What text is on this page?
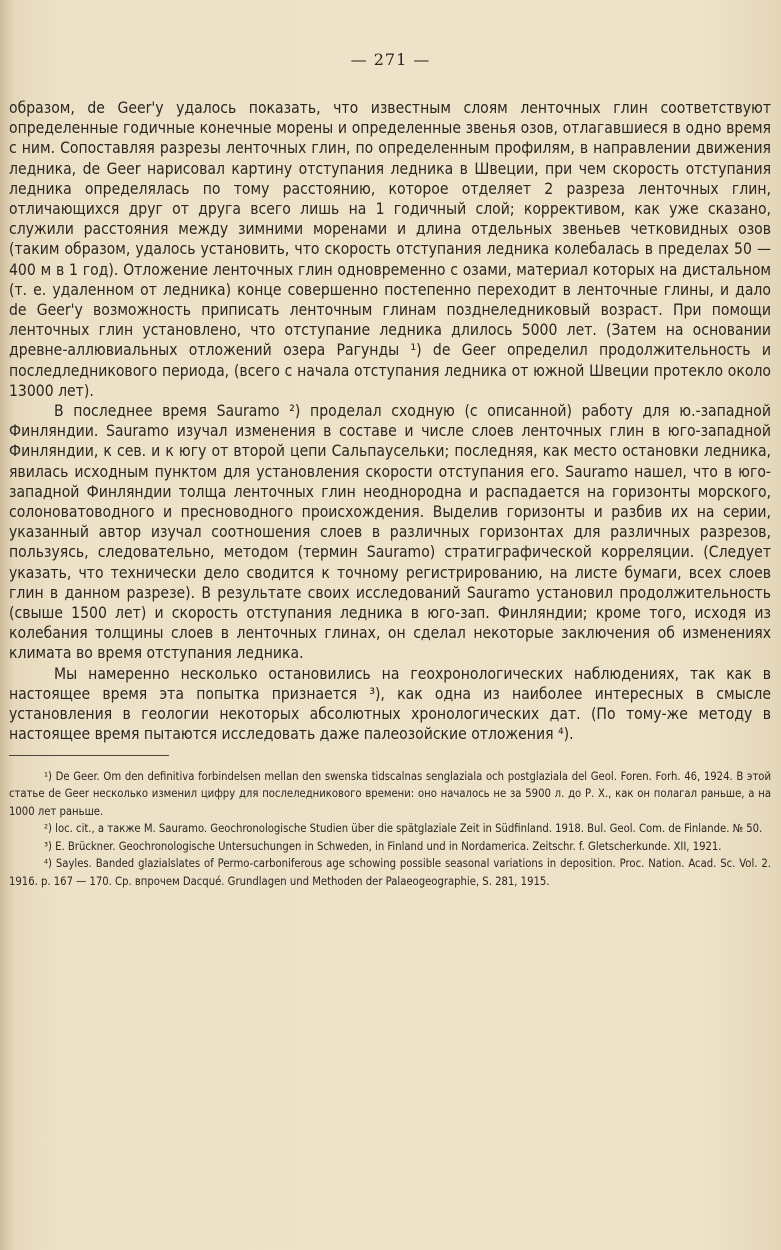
— 271 —

образом, de Geer'у удалось показать, что известным слоям ленточных глин соответствуют определенные годичные конечные морены и определенные звенья озов, отлагавшиеся в одно время с ним. Сопоставляя разрезы ленточных глин, по определенным профилям, в направлении движения ледника, de Geer нарисовал картину отступания ледника в Швеции, при чем скорость отступания ледника определялась по тому расстоянию, которое отделяет 2 разреза ленточных глин, отличающихся друг от друга всего лишь на 1 годичный слой; коррективом, как уже сказано, служили расстояния между зимними моренами и длина отдельных звеньев четковидных озов (таким образом, удалось установить, что скорость отступания ледника колебалась в пределах 50 — 400 м в 1 год). Отложение ленточных глин одновременно с озами, материал которых на дистальном (т. е. удаленном от ледника) конце совершенно постепенно переходит в ленточные глины, и дало de Geer'у возможность приписать ленточным глинам позднеледниковый возраст. При помощи ленточных глин установлено, что отступание ледника длилось 5000 лет. (Затем на основании древне-аллювиальных отложений озера Рагунды ¹) de Geer определил продолжительность и последледникового периода, (всего с начала отступания ледника от южной Швеции протекло около 13000 лет).

В последнее время Sauramo ²) проделал сходную (с описанной) работу для ю.-западной Финляндии. Sauramo изучал изменения в составе и числе слоев ленточных глин в юго-западной Финляндии, к сев. и к югу от второй цепи Сальпаусельки; последняя, как место остановки ледника, явилась исходным пунктом для установления скорости отступания его. Sauramo нашел, что в юго-западной Финляндии толща ленточных глин неоднородна и распадается на горизонты морского, солоноватоводного и пресноводного происхождения. Выделив горизонты и разбив их на серии, указанный автор изучал соотношения слоев в различных горизонтах для различных разрезов, пользуясь, следовательно, методом (термин Sauramo) стратиграфической корреляции. (Следует указать, что технически дело сводится к точному регистрированию, на листе бумаги, всех слоев глин в данном разрезе). В результате своих исследований Sauramo установил продолжительность (свыше 1500 лет) и скорость отступания ледника в юго-зап. Финляндии; кроме того, исходя из колебания толщины слоев в ленточных глинах, он сделал некоторые заключения об изменениях климата во время отступания ледника.

Мы намеренно несколько остановились на геохронологических наблюдениях, так как в настоящее время эта попытка признается ³), как одна из наиболее интересных в смысле установления в геологии некоторых абсолютных хронологических дат. (По тому-же методу в настоящее время пытаются исследовать даже палеозойские отложения ⁴).

¹) De Geer. Om den definitiva forbindelsen mellan den swenska tidscalnas senglaziala och postglaziala del Geol. Foren. Forh. 46, 1924. В этой статье de Geer несколько изменил цифру для послеледникового времени: оно началось не за 5900 л. до Р. Х., как он полагал раньше, а на 1000 лет раньше.

²) loc. cit., а также M. Sauramo. Geochronologische Studien über die spätglaziale Zeit in Südfinland. 1918. Bul. Geol. Com. de Finlande. № 50.

³) E. Brückner. Geochronologische Untersuchungen in Schweden, in Finland und in Nordamerica. Zeitschr. f. Gletscherkunde. XII, 1921.

⁴) Sayles. Banded glazialslates of Permo-carboniferous age schowing possible seasonal variations in deposition. Proc. Nation. Acad. Sc. Vol. 2. 1916. p. 167 — 170. Ср. впрочем Dacqué. Grundlagen und Methoden der Palaeogeographie, S. 281, 1915.
